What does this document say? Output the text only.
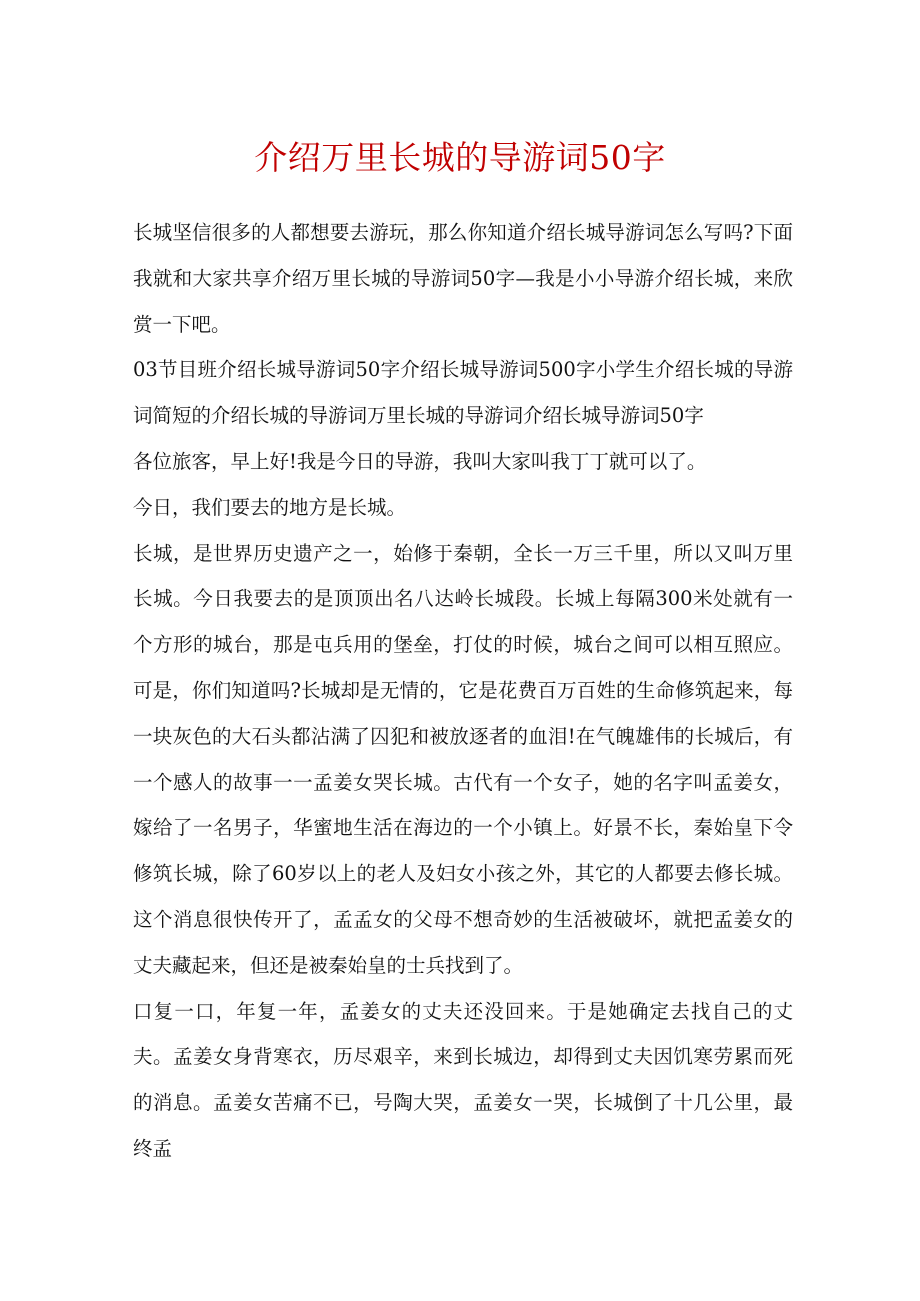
介绍万里长城的导游词50字

长城坚信很多的人都想要去游玩，那么你知道介绍长城导游词怎么写吗?下面我就和大家共享介绍万里长城的导游词50字—我是小小导游介绍长城，来欣赏一下吧。

03节目班介绍长城导游词50字介绍长城导游词500字小学生介绍长城的导游词简短的介绍长城的导游词万里长城的导游词介绍长城导游词50字

各位旅客，早上好!我是今日的导游，我叫大家叫我丁丁就可以了。

今日，我们要去的地方是长城。

长城，是世界历史遗产之一，始修于秦朝，全长一万三千里，所以又叫万里长城。今日我要去的是顶顶出名八达岭长城段。长城上每隔300米处就有一个方形的城台，那是屯兵用的堡垒，打仗的时候，城台之间可以相互照应。可是，你们知道吗?长城却是无情的，它是花费百万百姓的生命修筑起来，每一块灰色的大石头都沾满了囚犯和被放逐者的血泪!在气魄雄伟的长城后，有一个感人的故事一一孟姜女哭长城。古代有一个女子，她的名字叫孟姜女，嫁给了一名男子，华蜜地生活在海边的一个小镇上。好景不长，秦始皇下令修筑长城，除了60岁以上的老人及妇女小孩之外，其它的人都要去修长城。这个消息很快传开了，孟孟女的父母不想奇妙的生活被破坏，就把孟姜女的丈夫藏起来，但还是被秦始皇的士兵找到了。

口复一口，年复一年，孟姜女的丈夫还没回来。于是她确定去找自己的丈夫。孟姜女身背寒衣，历尽艰辛，来到长城边，却得到丈夫因饥寒劳累而死的消息。孟姜女苦痛不已，号陶大哭，孟姜女一哭，长城倒了十几公里，最终孟
